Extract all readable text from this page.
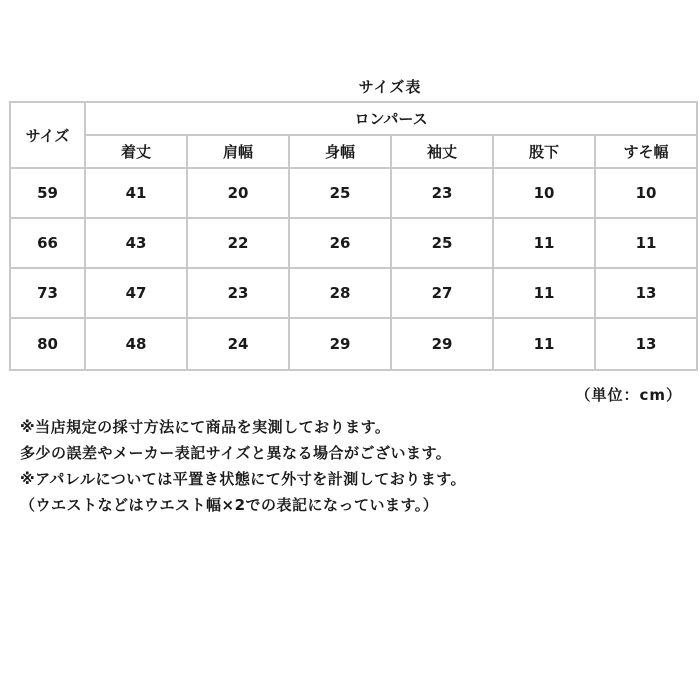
サイズ表
サイズ	ロンパース					
	着丈	肩幅	身幅	袖丈	股下	すそ幅
59	41	20	25	23	10	10
66	43	22	26	25	11	11
73	47	23	28	27	11	13
80	48	24	29	29	11	13
（単位：cm）
※当店規定の採寸方法にて商品を実測しております。
多少の誤差やメーカー表記サイズと異なる場合がございます。
※アパレルについては平置き状態にて外寸を計測しております。
（ウエストなどはウエスト幅×2での表記になっています。）
